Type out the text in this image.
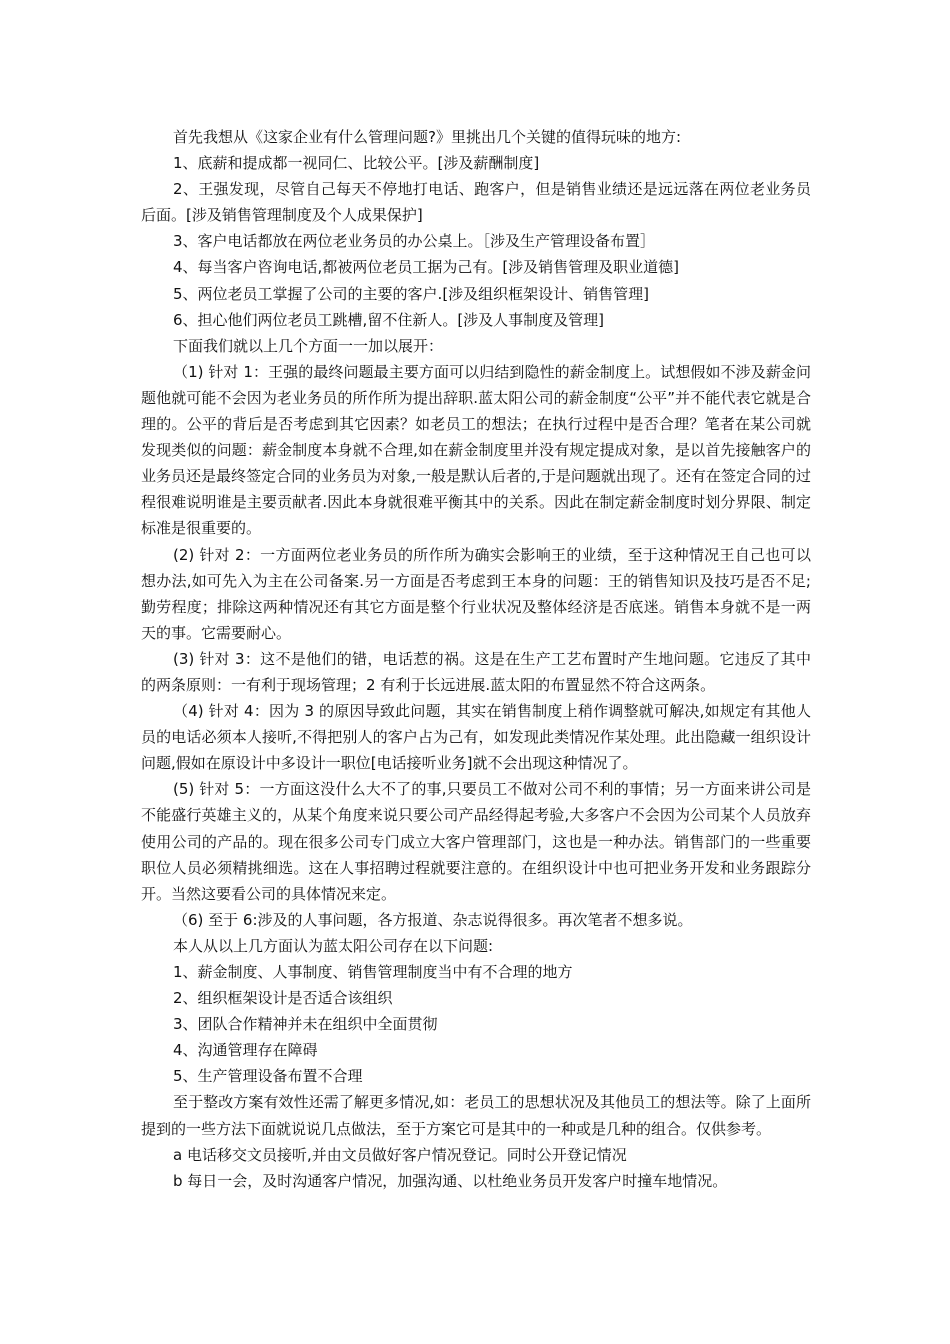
首先我想从《这家企业有什么管理问题?》里挑出几个关键的值得玩味的地方:

1、底薪和提成都一视同仁、比较公平。[涉及薪酬制度]

2、王强发现，尽管自己每天不停地打电话、跑客户，但是销售业绩还是远远落在两位老业务员后面。[涉及销售管理制度及个人成果保护]

3、客户电话都放在两位老业务员的办公桌上。［涉及生产管理设备布置］

4、每当客户咨询电话,都被两位老员工据为己有。[涉及销售管理及职业道德]

5、两位老员工掌握了公司的主要的客户.[涉及组织框架设计、销售管理]

6、担心他们两位老员工跳槽,留不住新人。[涉及人事制度及管理]

下面我们就以上几个方面一一加以展开：

（1) 针对 1：王强的最终问题最主要方面可以归结到隐性的薪金制度上。试想假如不涉及薪金问题他就可能不会因为老业务员的所作所为提出辞职.蓝太阳公司的薪金制度“公平”并不能代表它就是合理的。公平的背后是否考虑到其它因素？如老员工的想法；在执行过程中是否合理？笔者在某公司就发现类似的问题：薪金制度本身就不合理,如在薪金制度里并没有规定提成对象，是以首先接触客户的业务员还是最终签定合同的业务员为对象,一般是默认后者的,于是问题就出现了。还有在签定合同的过程很难说明谁是主要贡献者.因此本身就很难平衡其中的关系。因此在制定薪金制度时划分界限、制定标准是很重要的。

(2) 针对 2：一方面两位老业务员的所作所为确实会影响王的业绩，至于这种情况王自己也可以想办法,如可先入为主在公司备案.另一方面是否考虑到王本身的问题：王的销售知识及技巧是否不足;勤劳程度；排除这两种情况还有其它方面是整个行业状况及整体经济是否底迷。销售本身就不是一两天的事。它需要耐心。

(3) 针对 3：这不是他们的错，电话惹的祸。这是在生产工艺布置时产生地问题。它违反了其中的两条原则：一有利于现场管理；2 有利于长远进展.蓝太阳的布置显然不符合这两条。

（4) 针对 4：因为 3 的原因导致此问题，其实在销售制度上稍作调整就可解决,如规定有其他人员的电话必须本人接听,不得把别人的客户占为己有，如发现此类情况作某处理。此出隐藏一组织设计问题,假如在原设计中多设计一职位[电话接听业务]就不会出现这种情况了。

(5) 针对 5：一方面这没什么大不了的事,只要员工不做对公司不利的事情；另一方面来讲公司是不能盛行英雄主义的，从某个角度来说只要公司产品经得起考验,大多客户不会因为公司某个人员放弃使用公司的产品的。现在很多公司专门成立大客户管理部门，这也是一种办法。销售部门的一些重要职位人员必须精挑细选。这在人事招聘过程就要注意的。在组织设计中也可把业务开发和业务跟踪分开。当然这要看公司的具体情况来定。

（6) 至于 6:涉及的人事问题，各方报道、杂志说得很多。再次笔者不想多说。

本人从以上几方面认为蓝太阳公司存在以下问题:

1、薪金制度、人事制度、销售管理制度当中有不合理的地方

2、组织框架设计是否适合该组织

3、团队合作精神并未在组织中全面贯彻

4、沟通管理存在障碍

5、生产管理设备布置不合理

至于整改方案有效性还需了解更多情况,如：老员工的思想状况及其他员工的想法等。除了上面所提到的一些方法下面就说说几点做法，至于方案它可是其中的一种或是几种的组合。仅供参考。

a 电话移交文员接听,并由文员做好客户情况登记。同时公开登记情况

b 每日一会，及时沟通客户情况，加强沟通、以杜绝业务员开发客户时撞车地情况。
